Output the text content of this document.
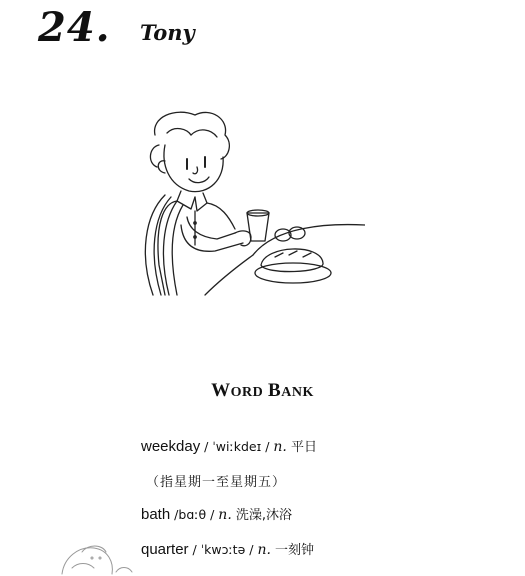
24. Tony
WORD BANK
weekday / ˈwiːkdeɪ / n. 平日
（指星期一至星期五）
bath /bɑːθ / n. 洗澡,沐浴
quarter / ˈkwɔːtə / n. 一刻钟
